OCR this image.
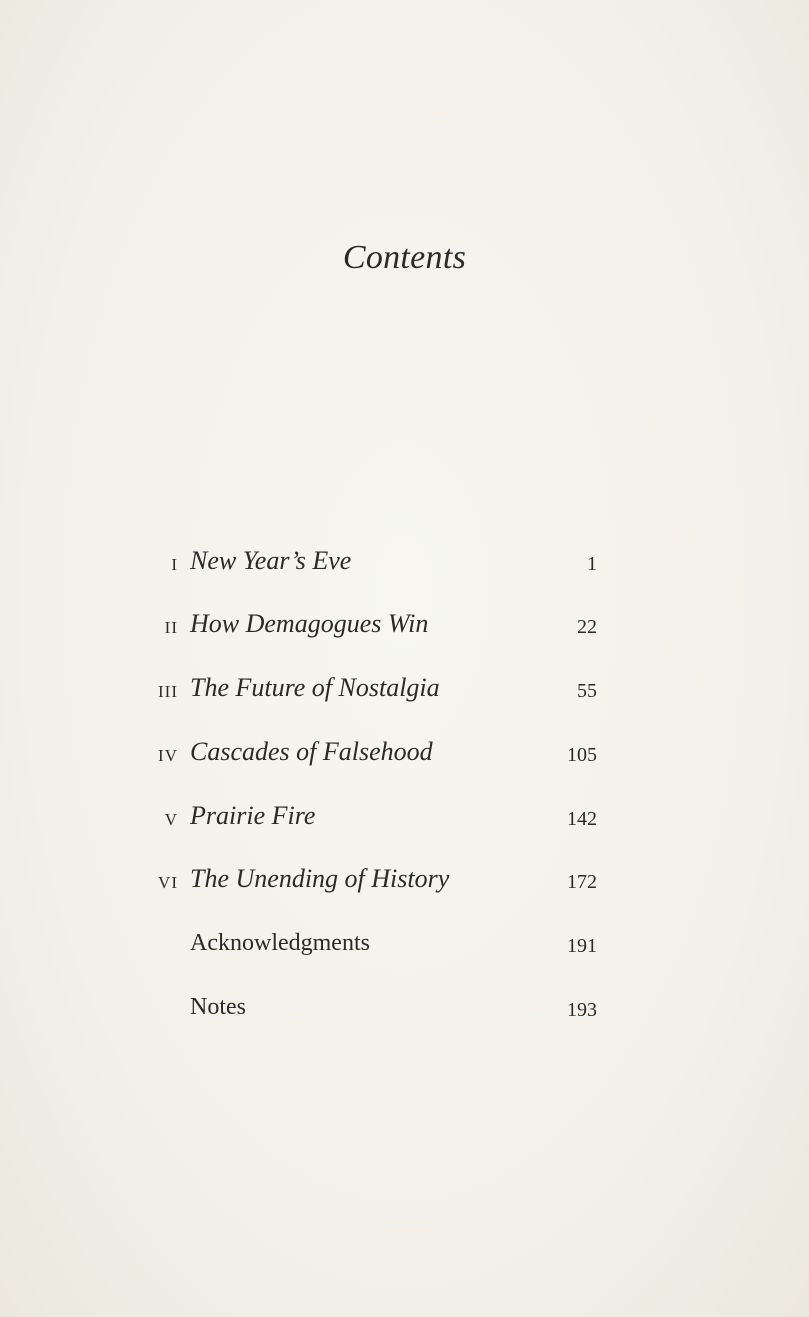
Contents
I New Year’s Eve	1
II How Demagogues Win	22
III The Future of Nostalgia	55
IV Cascades of Falsehood	105
V Prairie Fire	142
VI The Unending of History	172
Acknowledgments	191
Notes	193
